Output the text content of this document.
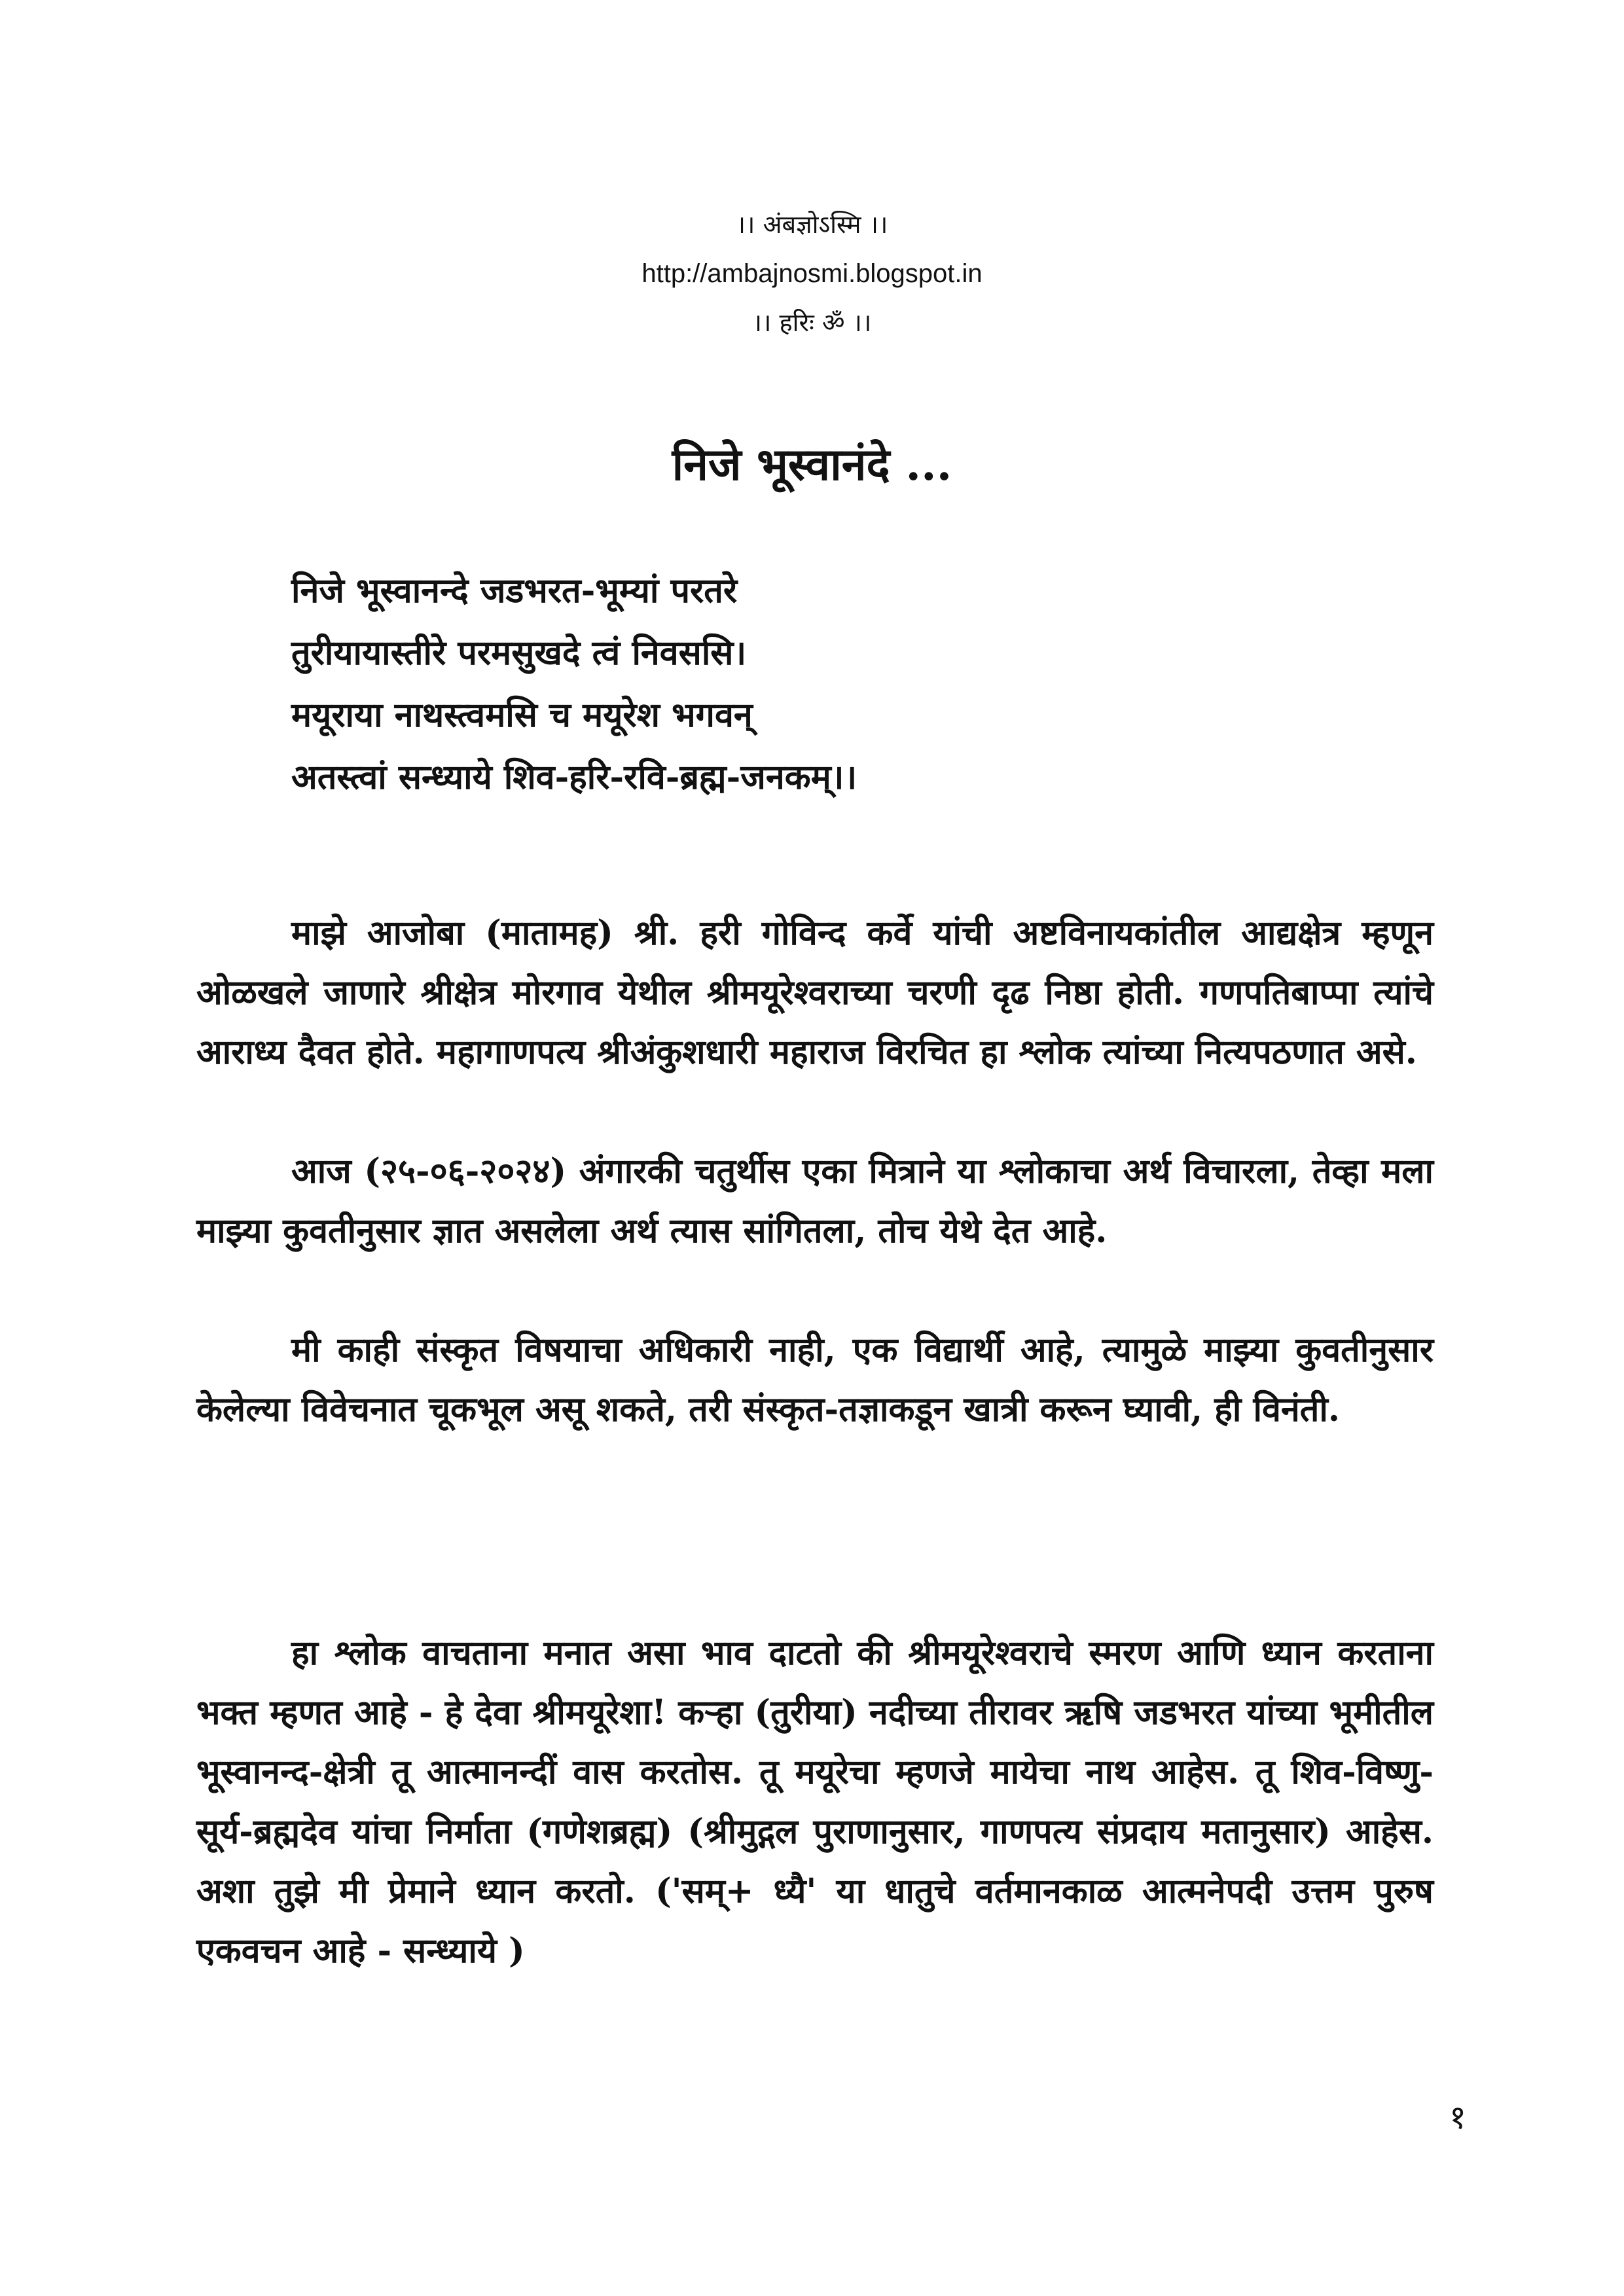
।। अंबज्ञोऽस्मि ।।
http://ambajnosmi.blogspot.in
।। हरिः ॐ ।।
निजे भूस्वानंदे ...
निजे भूस्वानन्दे जडभरत-भूम्यां परतरे
तुरीयायास्तीरे परमसुखदे त्वं निवससि।
मयूराया नाथस्त्वमसि च मयूरेश भगवन्
अतस्त्वां सन्ध्याये शिव-हरि-रवि-ब्रह्म-जनकम्।।

माझे आजोबा (मातामह) श्री. हरी गोविन्द कर्वे यांची अष्टविनायकांतील आद्यक्षेत्र म्हणून ओळखले जाणारे श्रीक्षेत्र मोरगाव येथील श्रीमयूरेश्वराच्या चरणी दृढ निष्ठा होती. गणपतिबाप्पा त्यांचे आराध्य दैवत होते. महागाणपत्य श्रीअंकुशधारी महाराज विरचित हा श्लोक त्यांच्या नित्यपठणात असे.

आज (२५-०६-२०२४) अंगारकी चतुर्थीस एका मित्राने या श्लोकाचा अर्थ विचारला, तेव्हा मला माझ्या कुवतीनुसार ज्ञात असलेला अर्थ त्यास सांगितला, तोच येथे देत आहे.

मी काही संस्कृत विषयाचा अधिकारी नाही, एक विद्यार्थी आहे, त्यामुळे माझ्या कुवतीनुसार केलेल्या विवेचनात चूकभूल असू शकते, तरी संस्कृत-तज्ञाकडून खात्री करून घ्यावी, ही विनंती.

हा श्लोक वाचताना मनात असा भाव दाटतो की श्रीमयूरेश्वराचे स्मरण आणि ध्यान करताना भक्त म्हणत आहे - हे देवा श्रीमयूरेशा! कऱ्हा (तुरीया) नदीच्या तीरावर ऋषि जडभरत यांच्या भूमीतील भूस्वानन्द-क्षेत्री तू आत्मानन्दीं वास करतोस. तू मयूरेचा म्हणजे मायेचा नाथ आहेस. तू शिव-विष्णु-सूर्य-ब्रह्मदेव यांचा निर्माता (गणेशब्रह्म) (श्रीमुद्गल पुराणानुसार, गाणपत्य संप्रदाय मतानुसार) आहेस. अशा तुझे मी प्रेमाने ध्यान करतो. ('सम्+ ध्यै' या धातुचे वर्तमानकाळ आत्मनेपदी उत्तम पुरुष एकवचन आहे - सन्ध्याये )

१
